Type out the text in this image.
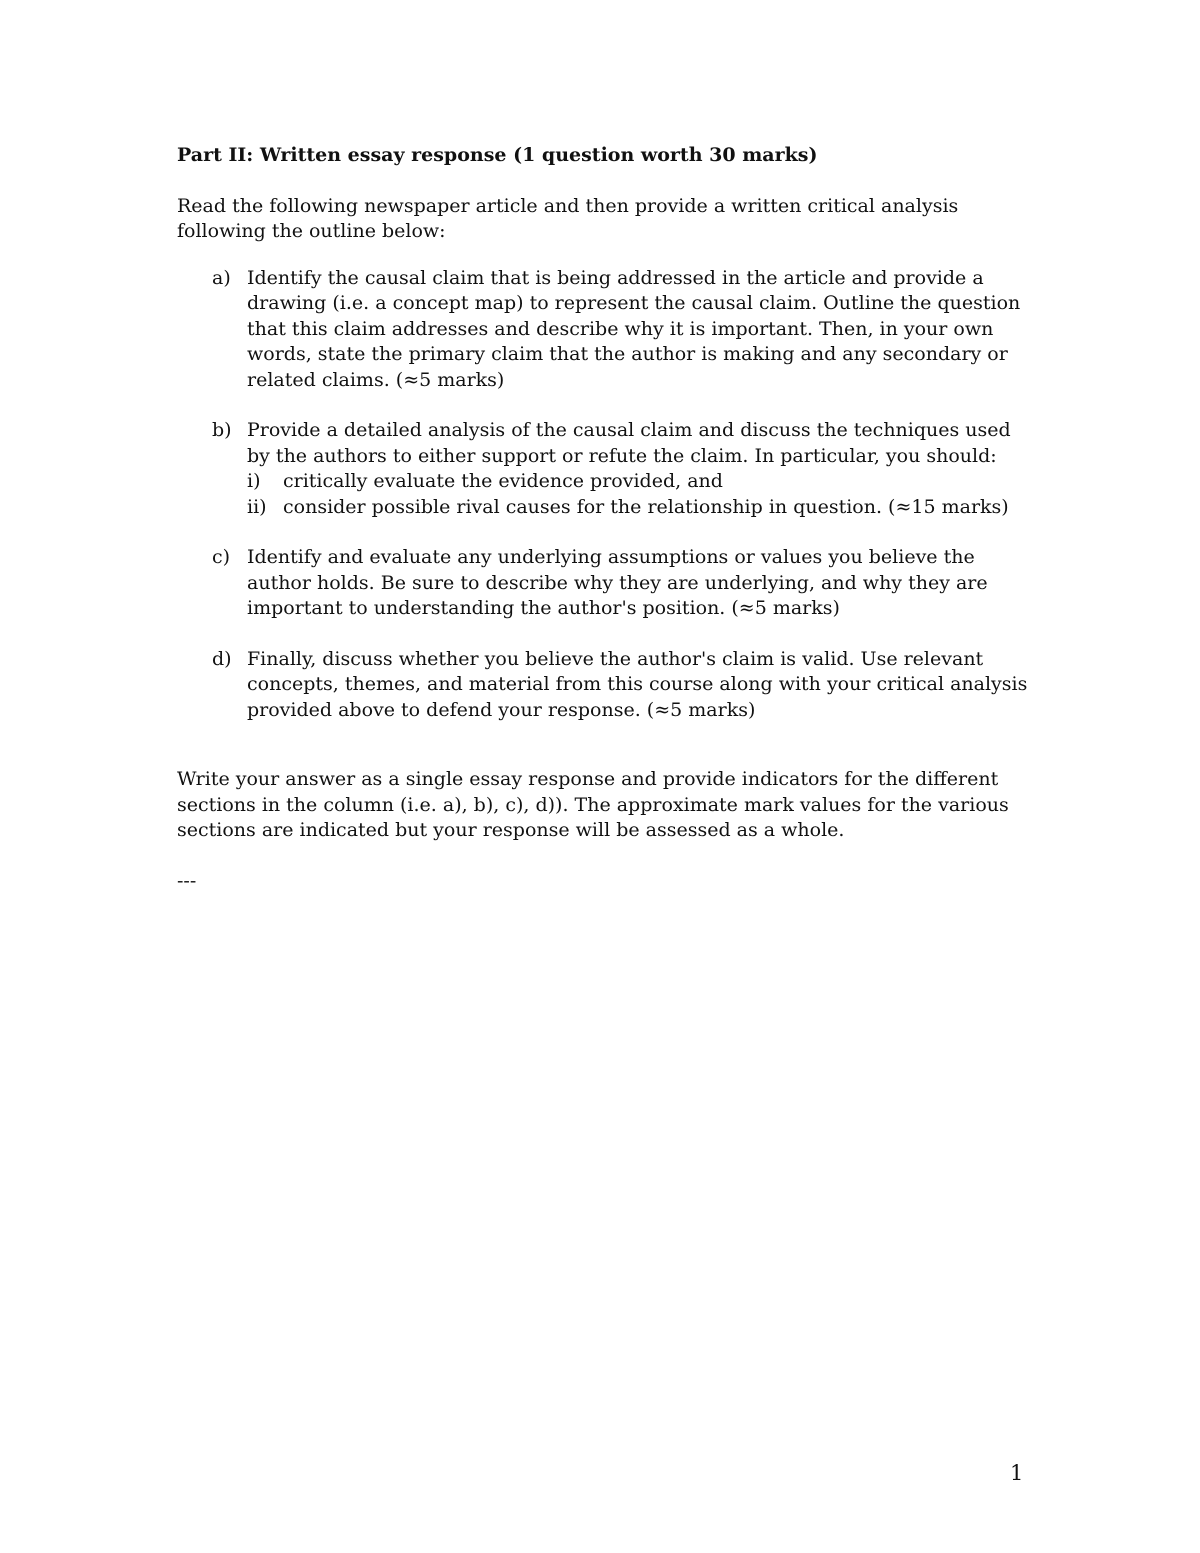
Part II: Written essay response (1 question worth 30 marks)

Read the following newspaper article and then provide a written critical analysis following the outline below:

a) Identify the causal claim that is being addressed in the article and provide a drawing (i.e. a concept map) to represent the causal claim. Outline the question that this claim addresses and describe why it is important. Then, in your own words, state the primary claim that the author is making and any secondary or related claims. (≈5 marks)
b) Provide a detailed analysis of the causal claim and discuss the techniques used by the authors to either support or refute the claim. In particular, you should:
i) critically evaluate the evidence provided, and
ii) consider possible rival causes for the relationship in question. (≈15 marks)
c) Identify and evaluate any underlying assumptions or values you believe the author holds. Be sure to describe why they are underlying, and why they are important to understanding the author's position. (≈5 marks)
d) Finally, discuss whether you believe the author's claim is valid. Use relevant concepts, themes, and material from this course along with your critical analysis provided above to defend your response. (≈5 marks)

Write your answer as a single essay response and provide indicators for the different sections in the column (i.e. a), b), c), d)). The approximate mark values for the various sections are indicated but your response will be assessed as a whole.

---

1
